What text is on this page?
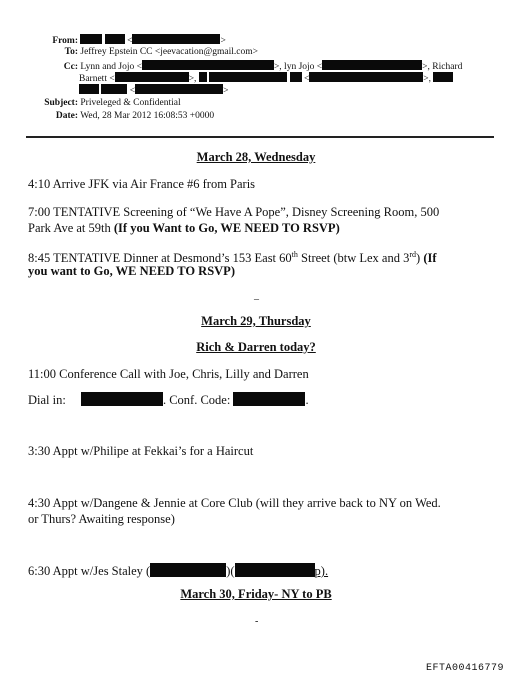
From:	<	>
To: Jeffrey Epstein CC <jeevacation@gmail.com>
Cc: Lynn and Jojo <	>, lyn Jojo <	>, Richard
Barnett <	>,	<	>,
<	>
Subject: Priveleged & Confidential
Date: Wed, 28 Mar 2012 16:08:53 +0000
March 28, Wednesday
4:10 Arrive JFK via Air France #6 from Paris
7:00 TENTATIVE Screening of “We Have A Pope”, Disney Screening Room, 500
Park Ave at 59th (If you Want to Go, WE NEED TO RSVP)
8:45 TENTATIVE Dinner at Desmond’s 153 East 60th Street (btw Lex and 3rd) (If
you want to Go, WE NEED TO RSVP)
_
March 29, Thursday
Rich & Darren today?
11:00 Conference Call with Joe, Chris, Lilly and Darren
Dial in:	. Conf. Code:	.
3:30 Appt w/Philipe at Fekkai’s for a Haircut
4:30 Appt w/Dangene & Jennie at Core Club (will they arrive back to NY on Wed.
or Thurs? Awaiting response)
6:30 Appt w/Jes Staley (	)(	p).
March 30, Friday- NY to PB
-
EFTA00416779
